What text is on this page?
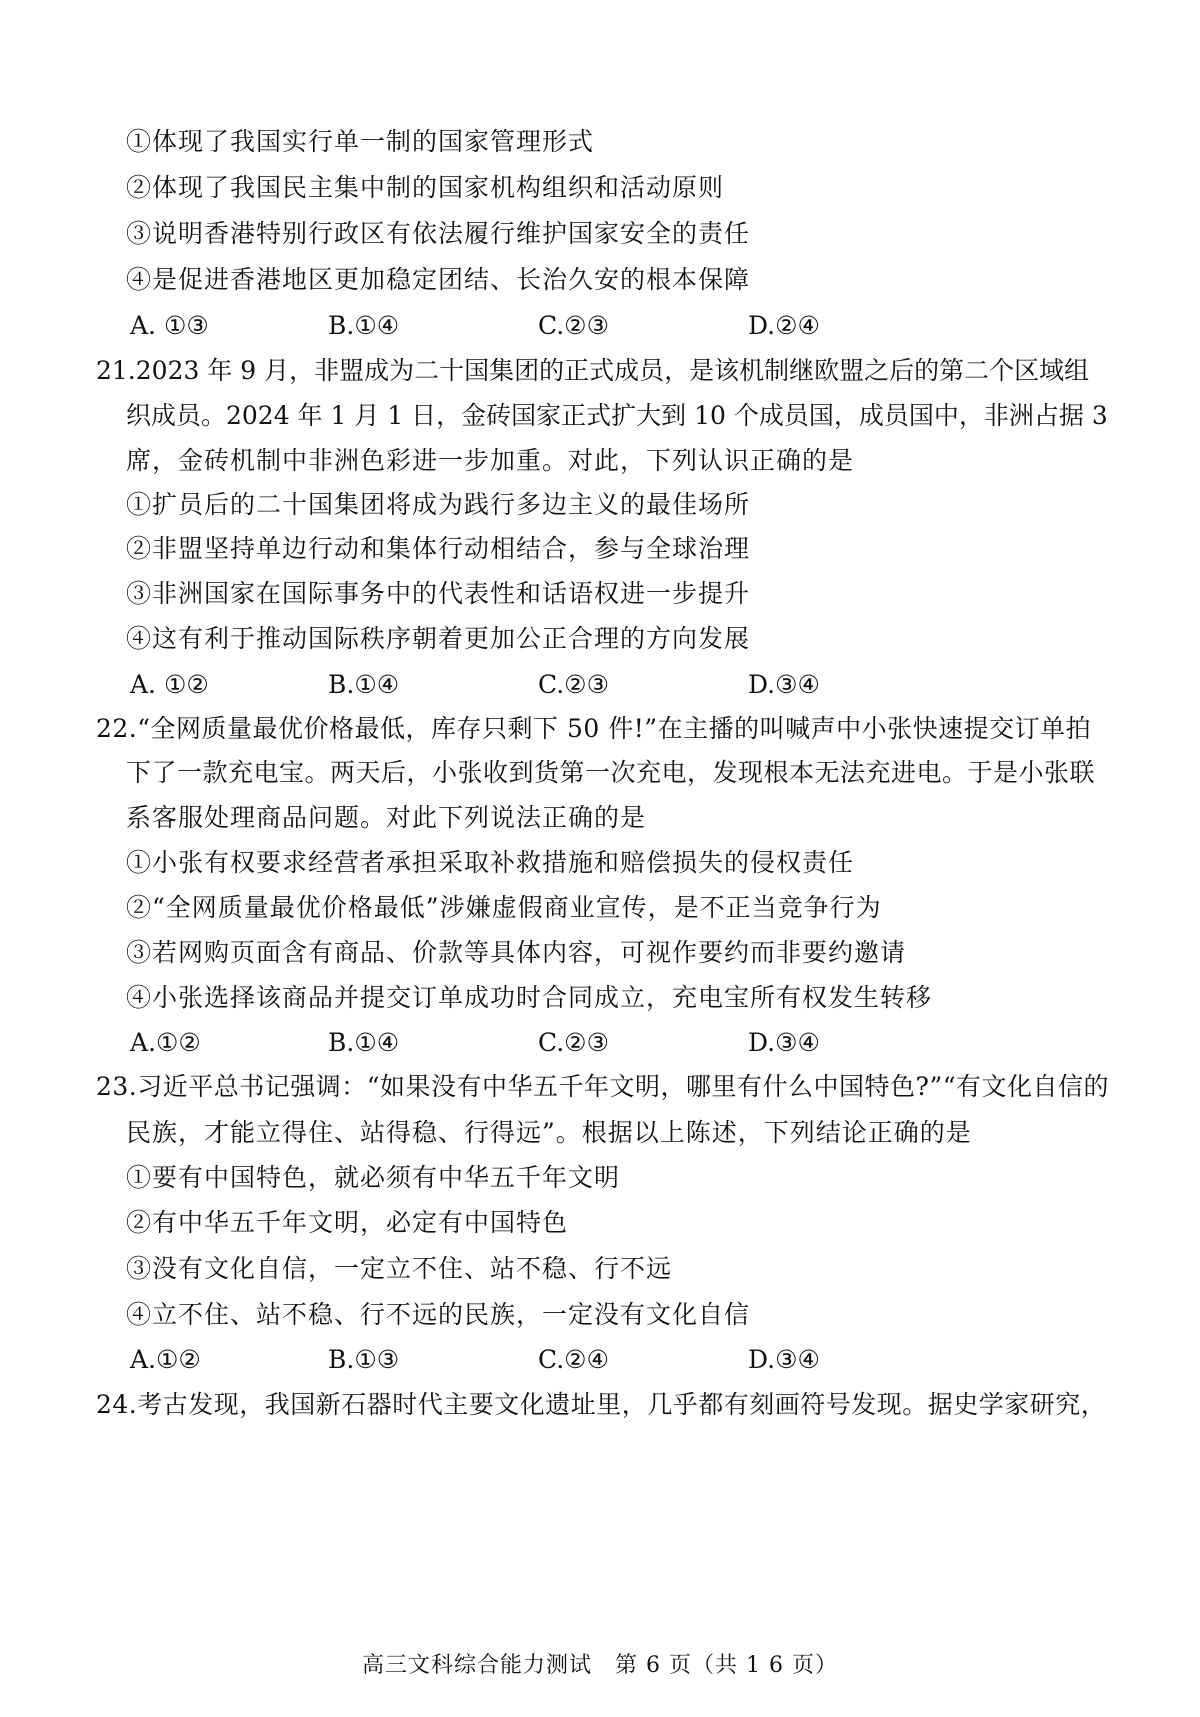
①体现了我国实行单一制的国家管理形式
②体现了我国民主集中制的国家机构组织和活动原则
③说明香港特别行政区有依法履行维护国家安全的责任
④是促进香港地区更加稳定团结、长治久安的根本保障
A. ①③	B.①④	C.②③	D.②④
21.2023 年 9 月，非盟成为二十国集团的正式成员，是该机制继欧盟之后的第二个区域组
织成员。2024 年 1 月 1 日，金砖国家正式扩大到 10 个成员国，成员国中，非洲占据 3
席，金砖机制中非洲色彩进一步加重。对此，下列认识正确的是
①扩员后的二十国集团将成为践行多边主义的最佳场所
②非盟坚持单边行动和集体行动相结合，参与全球治理
③非洲国家在国际事务中的代表性和话语权进一步提升
④这有利于推动国际秩序朝着更加公正合理的方向发展
A. ①②	B.①④	C.②③	D.③④
22.“全网质量最优价格最低，库存只剩下 50 件!”在主播的叫喊声中小张快速提交订单拍
下了一款充电宝。两天后，小张收到货第一次充电，发现根本无法充进电。于是小张联
系客服处理商品问题。对此下列说法正确的是
①小张有权要求经营者承担采取补救措施和赔偿损失的侵权责任
②“全网质量最优价格最低”涉嫌虚假商业宣传，是不正当竞争行为
③若网购页面含有商品、价款等具体内容，可视作要约而非要约邀请
④小张选择该商品并提交订单成功时合同成立，充电宝所有权发生转移
A.①②	B.①④	C.②③	D.③④
23.习近平总书记强调：“如果没有中华五千年文明，哪里有什么中国特色?”“有文化自信的
民族，才能立得住、站得稳、行得远”。根据以上陈述，下列结论正确的是
①要有中国特色，就必须有中华五千年文明
②有中华五千年文明，必定有中国特色
③没有文化自信，一定立不住、站不稳、行不远
④立不住、站不稳、行不远的民族，一定没有文化自信
A.①②	B.①③	C.②④	D.③④
24.考古发现，我国新石器时代主要文化遗址里，几乎都有刻画符号发现。据史学家研究，
高三文科综合能力测试　第 6 页（共 1 6 页）
